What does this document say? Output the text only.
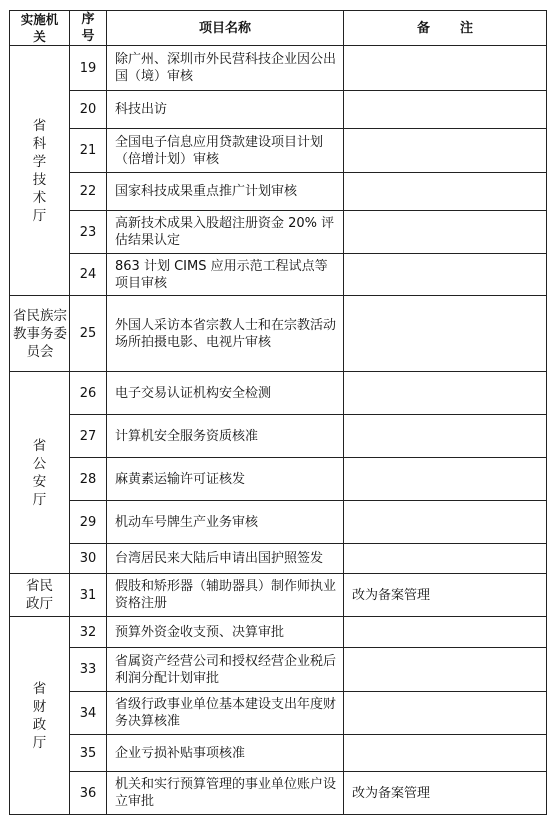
实施机关	序号	项目名称	备注
省科学技术厅	19	除广州、深圳市外民营科技企业因公出国（境）审核	
	20	科技出访	
	21	全国电子信息应用贷款建设项目计划（倍增计划）审核	
	22	国家科技成果重点推广计划审核	
	23	高新技术成果入股超注册资金 20% 评估结果认定	
	24	863 计划 CIMS 应用示范工程试点等项目审核	
省民族宗教事务委员会	25	外国人采访本省宗教人士和在宗教活动场所拍摄电影、电视片审核	
省公安厅	26	电子交易认证机构安全检测	
	27	计算机安全服务资质核准	
	28	麻黄素运输许可证核发	
	29	机动车号牌生产业务审核	
	30	台湾居民来大陆后申请出国护照签发	
省民政厅	31	假肢和矫形器（辅助器具）制作师执业资格注册	改为备案管理
省财政厅	32	预算外资金收支预、决算审批	
	33	省属资产经营公司和授权经营企业税后利润分配计划审批	
	34	省级行政事业单位基本建设支出年度财务决算核准	
	35	企业亏损补贴事项核准	
	36	机关和实行预算管理的事业单位账户设立审批	改为备案管理
